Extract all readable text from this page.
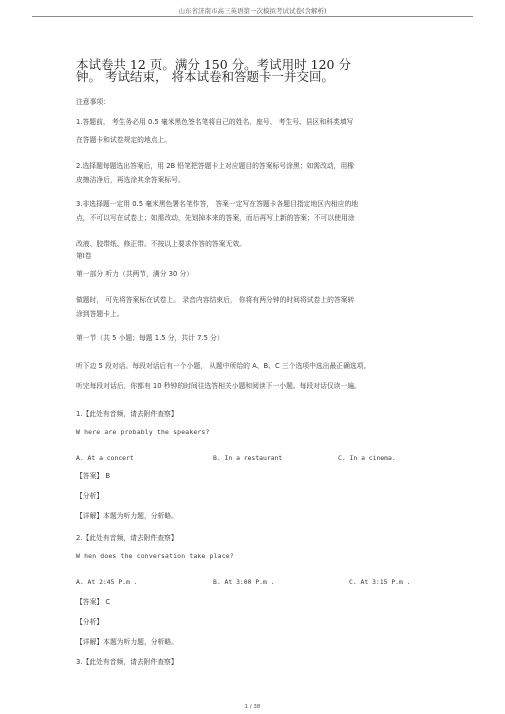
山东省济南市高三英语第一次模拟考试试卷(含解析)
本试卷共 12 页。满分 150 分。考试用时 120 分
钟。 考试结束， 将本试卷和答题卡一并交回。
注意事项：
1.答题前， 考生务必用 0.5 毫米黑色签名笔将自己的姓名、座号、 考生号、县区和科类填写
在答题卡和试卷规定的地点上。
2.选择题每题选出答案后，用 2B 铅笔把答题卡上对应题目的答案标号涂黑；如需改动，用橡
皮擦洁净后，再选涂其余答案标号。
3.非选择题一定用 0.5 毫米黑色署名笔作答， 答案一定写在答题卡各题目指定地区内相应的地
点，不可以写在试卷上；如需改动，先划掉本来的答案，而后再写上新的答案；不可以使用涂
改液、胶带纸、修正带。不按以上要求作答的答案无效。
第Ⅰ卷
第一部分 听力（共两节，满分 30 分）
做题时， 可先将答案标在试卷上。 录音内容结束后， 你将有两分钟的时间将试卷上的答案转
涂到答题卡上。
第一节（共 5 小题；每题 1.5 分，共计 7.5 分）
听下边 5 段对话。每段对话后有一个小题， 从题中所给的 A、B、C 三个选项中选出最正确选项。
听完每段对话后，你都有 10 秒钟的时间往选答相关小题和阅读下一小题。每段对话仅读一遍。
1.【此处有音频，请去附件查察】
W here are probably the speakers?
A. At a concert	B. In a restaurant	C. In a cinema.
【答案】 B
【分析】
【详解】本题为听力题，分析略。
2.【此处有音频，请去附件查察】
W hen does the conversation take place?
A. At 2:45 P.m .	B. At 3:00 P.m .	C. At 3:15 P.m .
【答案】 C
【分析】
【详解】本题为听力题，分析略。
3.【此处有音频，请去附件查察】
1 / 38
